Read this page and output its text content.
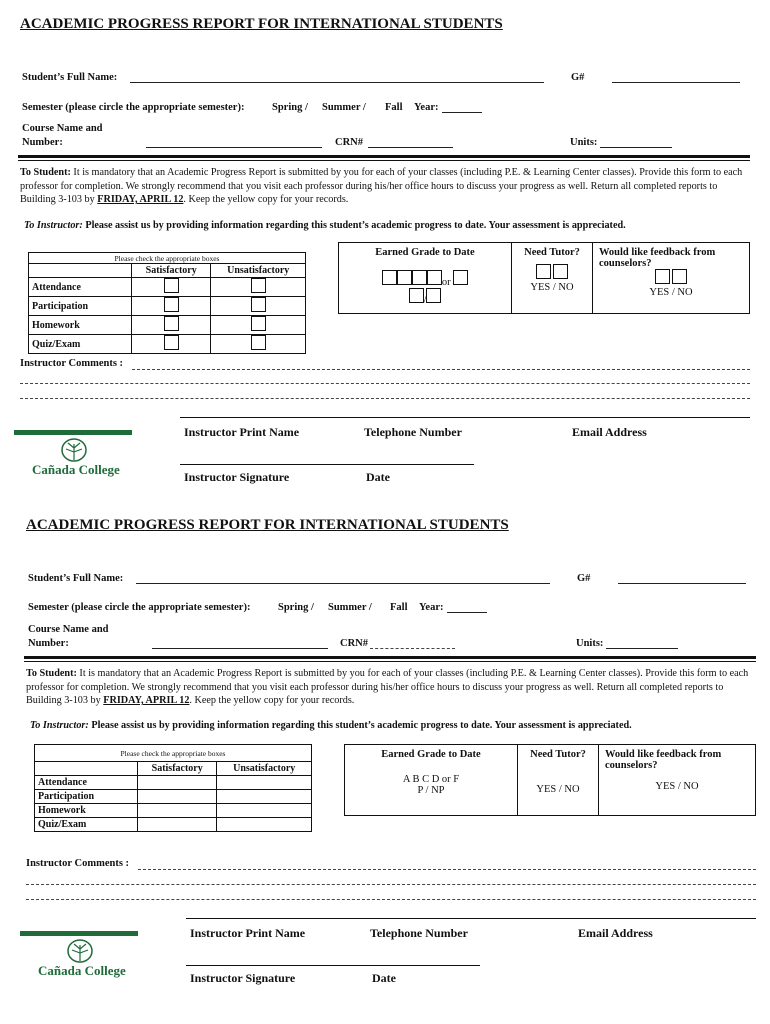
ACADEMIC PROGRESS REPORT FOR INTERNATIONAL STUDENTS
Student’s Full Name:	G#
Semester (please circle the appropriate semester):	Spring / Summer / Fall Year:
Course Name and
Number:	CRN#	Units:
To Student: It is mandatory that an Academic Progress Report is submitted by you for each of your classes (including P.E. & Learning Center classes). Provide this form to each professor for completion. We strongly recommend that you visit each professor during his/her office hours to discuss your progress as well. Return all completed reports to Building 3-103 by FRIDAY, APRIL 12. Keep the yellow copy for your records.
To Instructor: Please assist us by providing information regarding this student’s academic progress to date. Your assessment is appreciated.
Please check the appropriate boxes		
	Satisfactory	Unsatisfactory
Attendance		
Participation		
Homework		
Quiz/Exam		
Earned Grade to Date
or
/

Need Tutor?

YES / NO

Would like feedback from counselors?

YES / NO
Instructor Comments :
Instructor Print Name	Telephone Number	Email Address
Cañada College	Instructor Signature	Date
ACADEMIC PROGRESS REPORT FOR INTERNATIONAL STUDENTS
Student’s Full Name:	G#
Semester (please circle the appropriate semester):	Spring / Summer / Fall Year:
Course Name and
Number:	CRN#	Units:
To Student: It is mandatory that an Academic Progress Report is submitted by you for each of your classes (including P.E. & Learning Center classes). Provide this form to each professor for completion. We strongly recommend that you visit each professor during his/her office hours to discuss your progress as well. Return all completed reports to Building 3-103 by FRIDAY, APRIL 12. Keep the yellow copy for your records.
To Instructor: Please assist us by providing information regarding this student’s academic progress to date. Your assessment is appreciated.
Please check the appropriate boxes		
	Satisfactory	Unsatisfactory
Attendance		
Participation		
Homework		
Quiz/Exam		
Earned Grade to Date
A B C D or F
P / NP

Need Tutor?
YES / NO

Would like feedback from counselors?
YES / NO
Instructor Comments :
Instructor Print Name	Telephone Number	Email Address
Cañada College	Instructor Signature	Date
